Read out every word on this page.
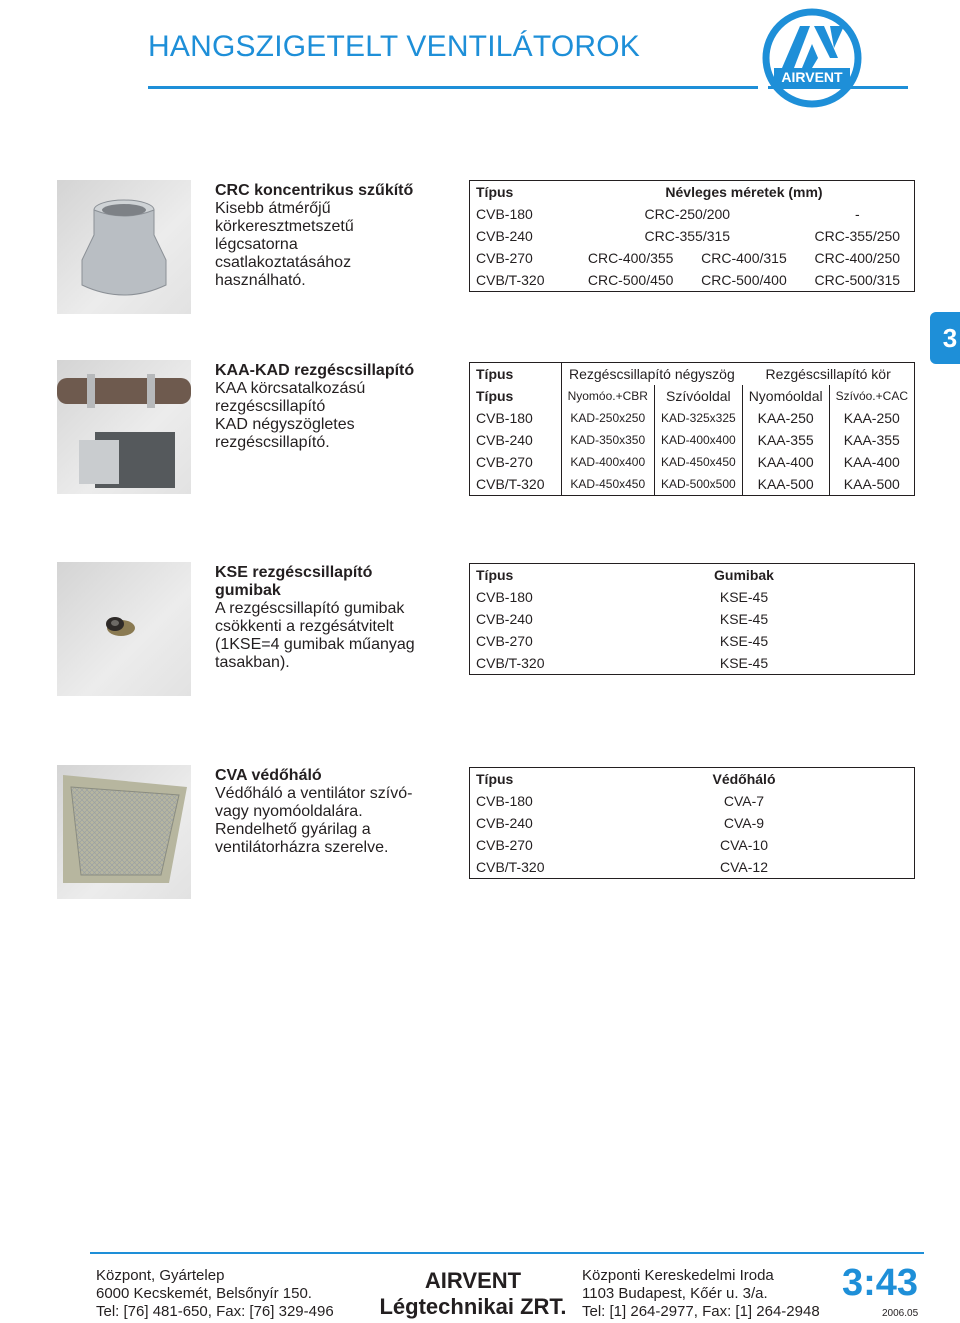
HANGSZIGETELT VENTILÁTOROK
AIRVENT
3
CRC koncentrikus szűkítő
Kisebb átmérőjű
körkeresztmetszetű
légcsatorna
csatlakoztatásához
használható.
Típus	Névleges méretek (mm)		
CVB-180	CRC-250/200		-
CVB-240	CRC-355/315		CRC-355/250
CVB-270	CRC-400/355	CRC-400/315	CRC-400/250
CVB/T-320	CRC-500/450	CRC-500/400	CRC-500/315
KAA-KAD rezgéscsillapító
KAA körcsatalkozású
rezgéscsillapító
KAD négyszögletes
rezgéscsillapító.
Típus	Rezgéscsillapító négyszög		Rezgéscsillapító kör	
Típus	Nyomóo.+CBR	Szívóoldal	Nyomóoldal	Szívóo.+CAC
CVB-180	KAD-250x250	KAD-325x325	KAA-250	KAA-250
CVB-240	KAD-350x350	KAD-400x400	KAA-355	KAA-355
CVB-270	KAD-400x400	KAD-450x450	KAA-400	KAA-400
CVB/T-320	KAD-450x450	KAD-500x500	KAA-500	KAA-500
KSE rezgéscsillapító
gumibak
A rezgéscsillapító gumibak
csökkenti a rezgésátvitelt
(1KSE=4 gumibak műanyag
tasakban).
Típus	Gumibak
CVB-180	KSE-45
CVB-240	KSE-45
CVB-270	KSE-45
CVB/T-320	KSE-45
CVA védőháló
Védőháló a ventilátor szívó-
vagy nyomóoldalára.
Rendelhető gyárilag a
ventilátorházra szerelve.
Típus	Védőháló
CVB-180	CVA-7
CVB-240	CVA-9
CVB-270	CVA-10
CVB/T-320	CVA-12
Központ, Gyártelep
6000 Kecskemét, Belsőnyír 150.
Tel: [76] 481-650, Fax: [76] 329-496
AIRVENT
Légtechnikai ZRT.
Központi Kereskedelmi Iroda
1103 Budapest, Kőér u. 3/a.
Tel: [1] 264-2977, Fax: [1] 264-2948
3:43
2006.05
